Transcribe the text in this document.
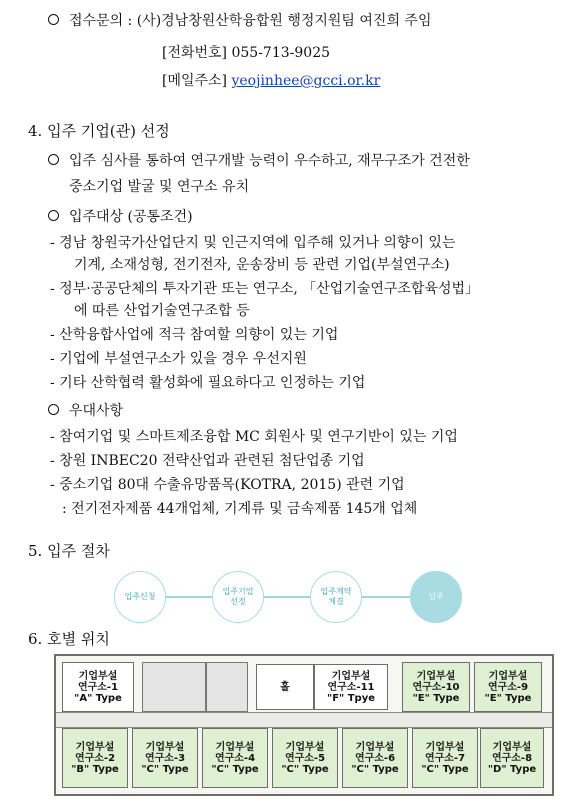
접수문의 : (사)경남창원산학융합원 행정지원팀 여진희 주임
[전화번호] 055-713-9025
[메일주소] yeojinhee@gcci.or.kr
4. 입주 기업(관) 선정
입주 심사를 통하여 연구개발 능력이 우수하고, 재무구조가 건전한
중소기업 발굴 및 연구소 유치
입주대상 (공통조건)
- 경남 창원국가산업단지 및 인근지역에 입주해 있거나 의향이 있는
기계, 소재성형, 전기전자, 운송장비 등 관련 기업(부설연구소)
- 정부·공공단체의 투자기관 또는 연구소, 「산업기술연구조합육성법」
에 따른 산업기술연구조합 등
- 산학융합사업에 적극 참여할 의향이 있는 기업
- 기업에 부설연구소가 있을 경우 우선지원
- 기타 산학협력 활성화에 필요하다고 인정하는 기업
우대사항
- 참여기업 및 스마트제조융합 MC 회원사 및 연구기반이 있는 기업
- 창원 INBEC20 전략산업과 관련된 첨단업종 기업
- 중소기업 80대 수출유망품목(KOTRA, 2015) 관련 기업
: 전기전자제품 44개업체, 기계류 및 금속제품 145개 업체
5. 입주 절차
입주신청
입주기업
선정
입주계약
체결
입주
6. 호별 위치
기업부설
연구소-1
"A" Type
홀
기업부설
연구소-11
"F" Tpye
기업부설
연구소-10
"E" Type
기업부설
연구소-9
"E" Type
기업부설
연구소-2
"B" Type
기업부설
연구소-3
"C" Type
기업부설
연구소-4
"C" Type
기업부설
연구소-5
"C" Type
기업부설
연구소-6
"C" Type
기업부설
연구소-7
"C" Type
기업부설
연구소-8
"D" Type
